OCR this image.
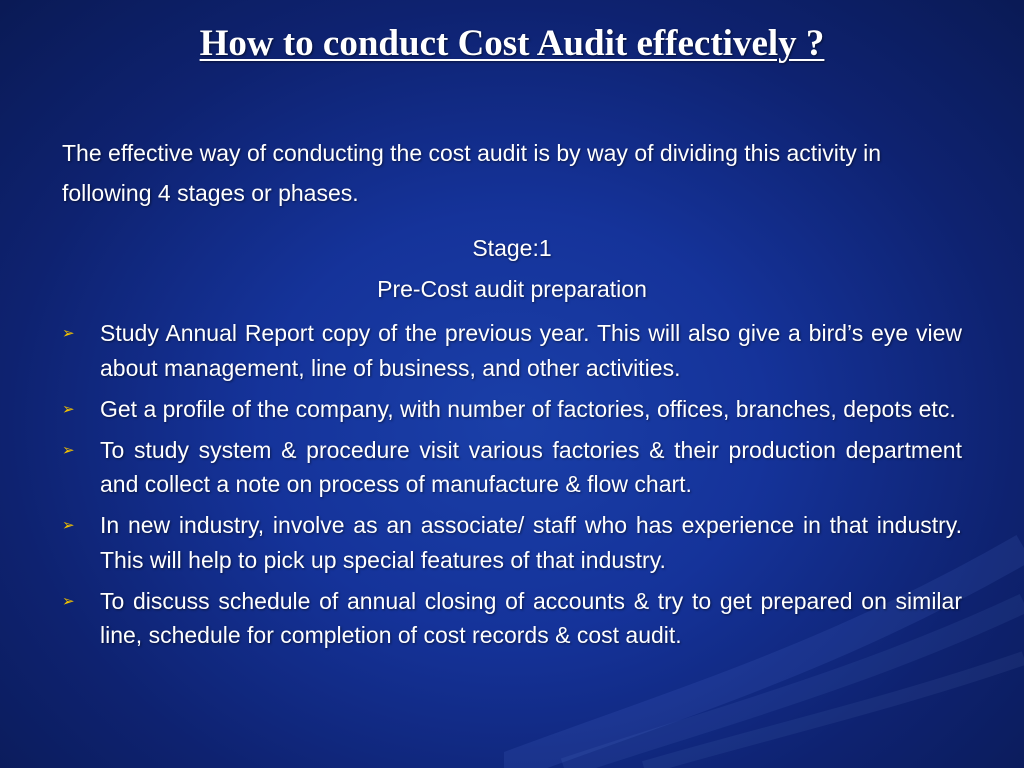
How to conduct Cost Audit effectively ?
The effective way of conducting the cost audit is by way of dividing this activity in following 4 stages or phases.
Stage:1
Pre-Cost audit preparation
➢ Study Annual Report copy of the previous year. This will also give a bird’s eye view about management, line of business, and other activities.
➢ Get a profile of the company, with number of factories, offices, branches, depots etc.
➢ To study system & procedure visit various factories & their production department and collect a note on process of manufacture & flow chart.
➢ In new industry, involve as an associate/ staff who has experience in that industry. This will help to pick up special features of that industry.
➢ To discuss schedule of annual closing of accounts & try to get prepared on similar line, schedule for completion of cost records & cost audit.
